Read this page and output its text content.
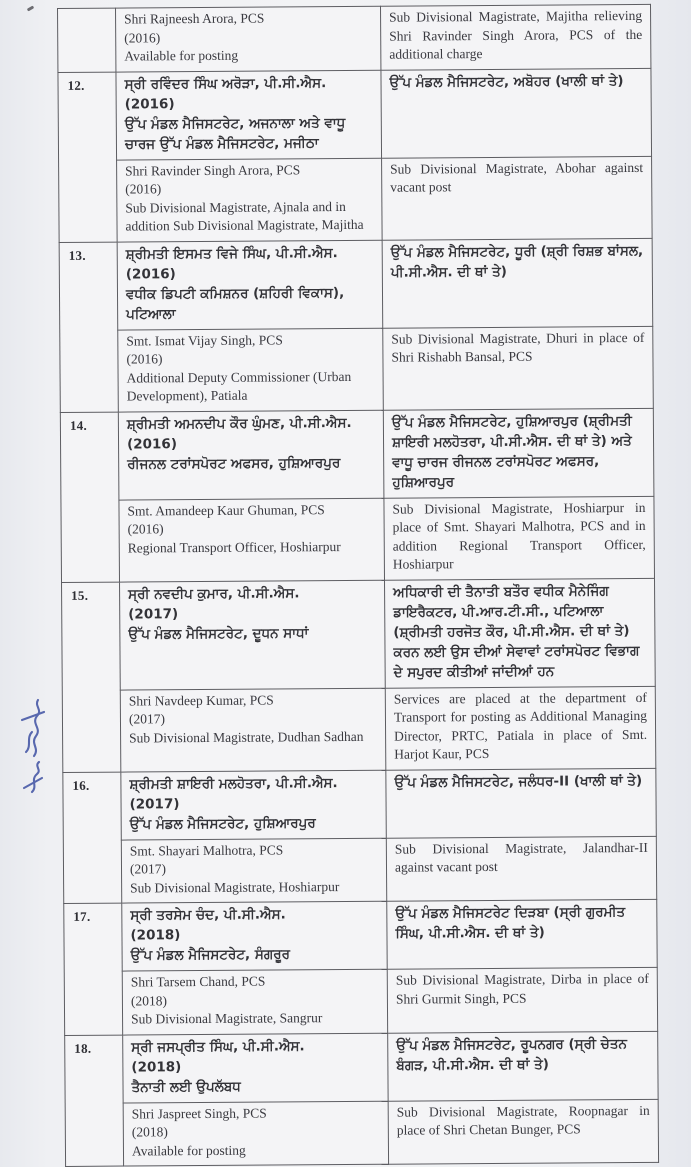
	Shri Rajneesh Arora, PCS
(2016)
Available for posting	Sub Divisional Magistrate, Majitha relieving Shri Ravinder Singh Arora, PCS of the additional charge
12.	ਸ੍ਰੀ ਰਵਿੰਦਰ ਸਿੰਘ ਅਰੋੜਾ, ਪੀ.ਸੀ.ਐਸ.
(2016)
ਉੱਪ ਮੰਡਲ ਮੈਜਿਸਟਰੇਟ, ਅਜਨਾਲਾ ਅਤੇ ਵਾਧੂ ਚਾਰਜ ਉੱਪ ਮੰਡਲ ਮੈਜਿਸਟਰੇਟ, ਮਜੀਠਾ	ਉੱਪ ਮੰਡਲ ਮੈਜਿਸਟਰੇਟ, ਅਬੋਹਰ (ਖਾਲੀ ਥਾਂ ਤੇ)

	Shri Ravinder Singh Arora, PCS
(2016)
Sub Divisional Magistrate, Ajnala and in addition Sub Divisional Magistrate, Majitha	Sub Divisional Magistrate, Abohar against vacant post
13.	ਸ਼੍ਰੀਮਤੀ ਇਸਮਤ ਵਿਜੇ ਸਿੰਘ, ਪੀ.ਸੀ.ਐਸ.
(2016)
ਵਧੀਕ ਡਿਪਟੀ ਕਮਿਸ਼ਨਰ (ਸ਼ਹਿਰੀ ਵਿਕਾਸ), ਪਟਿਆਲਾ	ਉੱਪ ਮੰਡਲ ਮੈਜਿਸਟਰੇਟ, ਧੂਰੀ (ਸ਼੍ਰੀ ਰਿਸ਼ਭ ਬਾਂਸਲ, ਪੀ.ਸੀ.ਐਸ. ਦੀ ਥਾਂ ਤੇ)

	Smt. Ismat Vijay Singh, PCS
(2016)
Additional Deputy Commissioner (Urban Development), Patiala	Sub Divisional Magistrate, Dhuri in place of Shri Rishabh Bansal, PCS
14.	ਸ਼੍ਰੀਮਤੀ ਅਮਨਦੀਪ ਕੌਰ ਘੁੰਮਣ, ਪੀ.ਸੀ.ਐਸ.
(2016)
ਰੀਜਨਲ ਟਰਾਂਸਪੋਰਟ ਅਫਸਰ, ਹੁਸ਼ਿਆਰਪੁਰ	ਉੱਪ ਮੰਡਲ ਮੈਜਿਸਟਰੇਟ, ਹੁਸ਼ਿਆਰਪੁਰ (ਸ਼੍ਰੀਮਤੀ ਸ਼ਾਇਰੀ ਮਲਹੋਤਰਾ, ਪੀ.ਸੀ.ਐਸ. ਦੀ ਥਾਂ ਤੇ) ਅਤੇ ਵਾਧੂ ਚਾਰਜ ਰੀਜਨਲ ਟਰਾਂਸਪੋਰਟ ਅਫਸਰ, ਹੁਸ਼ਿਆਰਪੁਰ

	Smt. Amandeep Kaur Ghuman, PCS
(2016)
Regional Transport Officer, Hoshiarpur	Sub Divisional Magistrate, Hoshiarpur in place of Smt. Shayari Malhotra, PCS and in addition Regional Transport Officer, Hoshiarpur
15.	ਸ੍ਰੀ ਨਵਦੀਪ ਕੁਮਾਰ, ਪੀ.ਸੀ.ਐਸ.
(2017)
ਉੱਪ ਮੰਡਲ ਮੈਜਿਸਟਰੇਟ, ਦੂਧਨ ਸਾਧਾਂ	ਅਧਿਕਾਰੀ ਦੀ ਤੈਨਾਤੀ ਬਤੌਰ ਵਧੀਕ ਮੈਨੇਜਿੰਗ ਡਾਇਰੈਕਟਰ, ਪੀ.ਆਰ.ਟੀ.ਸੀ., ਪਟਿਆਲਾ (ਸ਼੍ਰੀਮਤੀ ਹਰਜੋਤ ਕੌਰ, ਪੀ.ਸੀ.ਐਸ. ਦੀ ਥਾਂ ਤੇ) ਕਰਨ ਲਈ ਉਸ ਦੀਆਂ ਸੇਵਾਵਾਂ ਟਰਾਂਸਪੋਰਟ ਵਿਭਾਗ ਦੇ ਸਪੁਰਦ ਕੀਤੀਆਂ ਜਾਂਦੀਆਂ ਹਨ

	Shri Navdeep Kumar, PCS
(2017)
Sub Divisional Magistrate, Dudhan Sadhan	Services are placed at the department of Transport for posting as Additional Managing Director, PRTC, Patiala in place of Smt. Harjot Kaur, PCS
16.	ਸ਼੍ਰੀਮਤੀ ਸ਼ਾਇਰੀ ਮਲਹੋਤਰਾ, ਪੀ.ਸੀ.ਐਸ.
(2017)
ਉੱਪ ਮੰਡਲ ਮੈਜਿਸਟਰੇਟ, ਹੁਸ਼ਿਆਰਪੁਰ	ਉੱਪ ਮੰਡਲ ਮੈਜਿਸਟਰੇਟ, ਜਲੰਧਰ-II (ਖਾਲੀ ਥਾਂ ਤੇ)

	Smt. Shayari Malhotra, PCS
(2017)
Sub Divisional Magistrate, Hoshiarpur	Sub Divisional Magistrate, Jalandhar-II against vacant post
17.	ਸ੍ਰੀ ਤਰਸੇਮ ਚੰਦ, ਪੀ.ਸੀ.ਐਸ.
(2018)
ਉੱਪ ਮੰਡਲ ਮੈਜਿਸਟਰੇਟ, ਸੰਗਰੂਰ	ਉੱਪ ਮੰਡਲ ਮੈਜਿਸਟਰੇਟ ਦਿੜਬਾ (ਸ੍ਰੀ ਗੁਰਮੀਤ ਸਿੰਘ, ਪੀ.ਸੀ.ਐਸ. ਦੀ ਥਾਂ ਤੇ)

	Shri Tarsem Chand, PCS
(2018)
Sub Divisional Magistrate, Sangrur	Sub Divisional Magistrate, Dirba in place of Shri Gurmit Singh, PCS
18.	ਸ੍ਰੀ ਜਸਪ੍ਰੀਤ ਸਿੰਘ, ਪੀ.ਸੀ.ਐਸ.
(2018)
ਤੈਨਾਤੀ ਲਈ ਉਪਲੱਬਧ	ਉੱਪ ਮੰਡਲ ਮੈਜਿਸਟਰੇਟ, ਰੂਪਨਗਰ (ਸ੍ਰੀ ਚੇਤਨ ਬੰਗੜ, ਪੀ.ਸੀ.ਐਸ. ਦੀ ਥਾਂ ਤੇ)

	Shri Jaspreet Singh, PCS
(2018)
Available for posting	Sub Divisional Magistrate, Roopnagar in place of Shri Chetan Bunger, PCS
